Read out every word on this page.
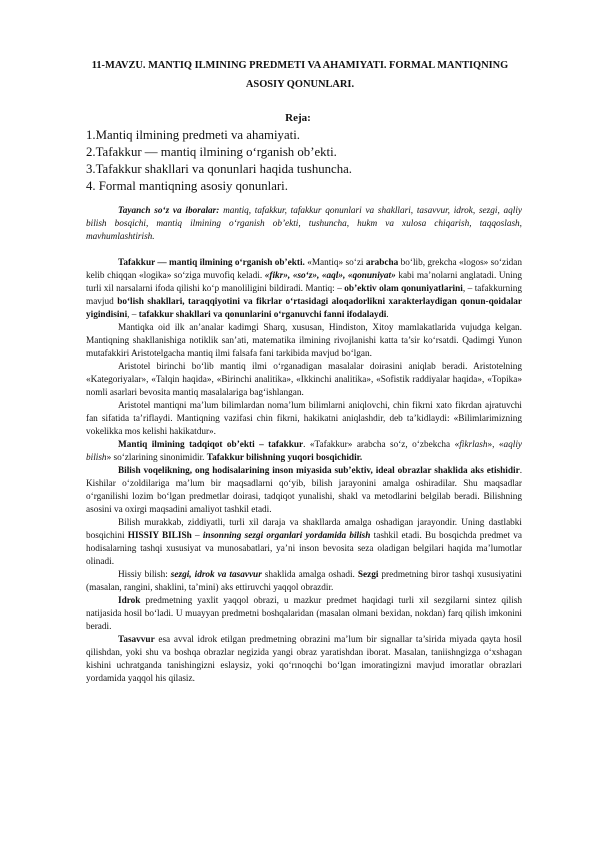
11-MAVZU. MANTIQ ILMINING PREDMETI VA AHAMIYATI. FORMAL MANTIQNING
ASOSIY QONUNLARI.
Reja:
1.Mantiq ilmining predmeti va ahamiyati.
2.Tafakkur — mantiq ilmining o‘rganish ob’ekti.
3.Tafakkur shakllari va qonunlari haqida tushuncha.
4. Formal mantiqning asosiy qonunlari.

Tayanch so‘z va iboralar: mantiq, tafakkur, tafakkur qonunlari va shakllari, tasavvur, idrok, sezgi, aqliy bilish bosqichi, mantiq ilmining o‘rganish ob’ekti, tushuncha, hukm va xulosa chiqarish, taqqoslash, mavhumlashtirish.

Tafakkur — mantiq ilmining o‘rganish ob’ekti. «Mantiq» so‘zi arabcha bo‘lib, grekcha «logos» so‘zidan kelib chiqqan «logika» so‘ziga muvofiq keladi. «fikr», «so‘z», «aql», «qonuniyat» kabi ma’nolarni anglatadi. Uning turli xil narsalarni ifoda qilishi ko‘p manoliligini bildiradi. Mantiq: – ob’ektiv olam qonuniyatlarini, – tafakkurning mavjud bo‘lish shakllari, taraqqiyotini va fikrlar o‘rtasidagi aloqadorlikni xarakterlaydigan qonun-qoidalar yigindisini, – tafakkur shakllari va qonunlarini o‘rganuvchi fanni ifodalaydi.

Mantiqka oid ilk an’analar kadimgi Sharq, xususan, Hindiston, Xitoy mamlakatlarida vujudga kelgan. Mantiqning shakllanishiga notiklik san’ati, matematika ilmining rivojlanishi katta ta’sir ko‘rsatdi. Qadimgi Yunon mutafakkiri Aristotelgacha mantiq ilmi falsafa fani tarkibida mavjud bo‘lgan.

Aristotel birinchi bo‘lib mantiq ilmi o‘rganadigan masalalar doirasini aniqlab beradi. Aristotelning «Kategoriyalar», «Talqin haqida», «Birinchi analitika», «Ikkinchi analitika», «Sofistik raddiyalar haqida», «Topika» nomli asarlari bevosita mantiq masalalariga bag‘ishlangan.

Aristotel mantiqni ma’lum bilimlardan noma’lum bilimlarni aniqlovchi, chin fikrni xato fikrdan ajratuvchi fan sifatida ta’riflaydi. Mantiqning vazifasi chin fikrni, hakikatni aniqlashdir, deb ta’kidlaydi: «Bilimlarimizning vokelikka mos kelishi hakikatdur».

Mantiq ilmining tadqiqot ob’ekti – tafakkur. «Tafakkur» arabcha so‘z, o‘zbekcha «fikrlash», «aqliy bilish» so‘zlarining sinonimidir. Tafakkur bilishning yuqori bosqichidir.

Bilish voqelikning, ong hodisalarining inson miyasida sub’ektiv, ideal obrazlar shaklida aks etishidir. Kishilar o‘zoldilariga ma’lum bir maqsadlarni qo‘yib, bilish jarayonini amalga oshiradilar. Shu maqsadlar o‘rganilishi lozim bo‘lgan predmetlar doirasi, tadqiqot yunalishi, shakl va metodlarini belgilab beradi. Bilishning asosini va oxirgi maqsadini amaliyot tashkil etadi.

Bilish murakkab, ziddiyatli, turli xil daraja va shakllarda amalga oshadigan jarayondir. Uning dastlabki bosqichini HISSIY BILISh – insonning sezgi organlari yordamida bilish tashkil etadi. Bu bosqichda predmet va hodisalarning tashqi xususiyat va munosabatlari, ya’ni inson bevosita seza oladigan belgilari haqida ma’lumotlar olinadi.

Hissiy bilish: sezgi, idrok va tasavvur shaklida amalga oshadi. Sezgi predmetning biror tashqi xususiyatini (masalan, rangini, shaklini, ta’mini) aks ettiruvchi yaqqol obrazdir.

Idrok predmetning yaxlit yaqqol obrazi, u mazkur predmet haqidagi turli xil sezgilarni sintez qilish natijasida hosil bo‘ladi. U muayyan predmetni boshqalaridan (masalan olmani bexidan, nokdan) farq qilish imkonini beradi.

Tasavvur esa avval idrok etilgan predmetning obrazini ma’lum bir signallar ta’sirida miyada qayta hosil qilishdan, yoki shu va boshqa obrazlar negizida yangi obraz yaratishdan iborat. Masalan, taniishngizga o‘xshagan kishini uchratganda tanishingizni eslaysiz, yoki qo‘rınoqchi bo‘lgan imoratingizni mavjud imoratlar obrazlari yordamida yaqqol his qilasiz.
